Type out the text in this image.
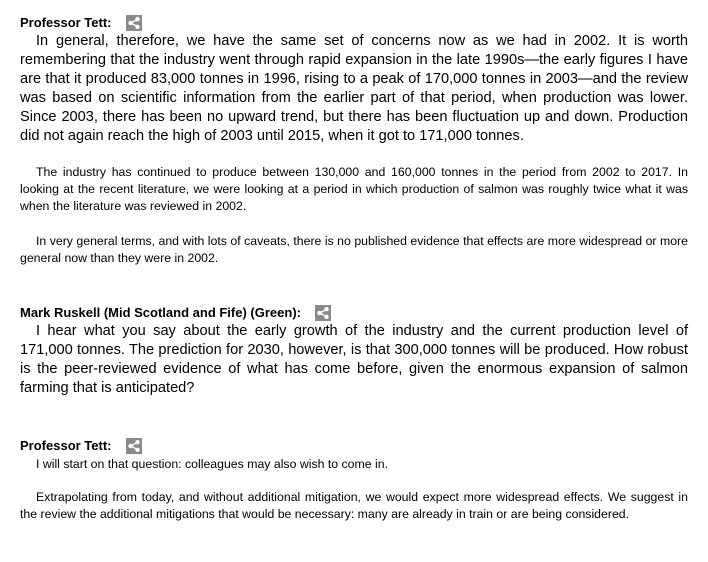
Professor Tett:

In general, therefore, we have the same set of concerns now as we had in 2002. It is worth remembering that the industry went through rapid expansion in the late 1990s—the early figures I have are that it produced 83,000 tonnes in 1996, rising to a peak of 170,000 tonnes in 2003—and the review was based on scientific information from the earlier part of that period, when production was lower. Since 2003, there has been no upward trend, but there has been fluctuation up and down. Production did not again reach the high of 2003 until 2015, when it got to 171,000 tonnes.

The industry has continued to produce between 130,000 and 160,000 tonnes in the period from 2002 to 2017. In looking at the recent literature, we were looking at a period in which production of salmon was roughly twice what it was when the literature was reviewed in 2002.

In very general terms, and with lots of caveats, there is no published evidence that effects are more widespread or more general now than they were in 2002.

Mark Ruskell (Mid Scotland and Fife) (Green):

I hear what you say about the early growth of the industry and the current production level of 171,000 tonnes. The prediction for 2030, however, is that 300,000 tonnes will be produced. How robust is the peer-reviewed evidence of what has come before, given the enormous expansion of salmon farming that is anticipated?

Professor Tett:

I will start on that question: colleagues may also wish to come in.

Extrapolating from today, and without additional mitigation, we would expect more widespread effects. We suggest in the review the additional mitigations that would be necessary: many are already in train or are being considered.
